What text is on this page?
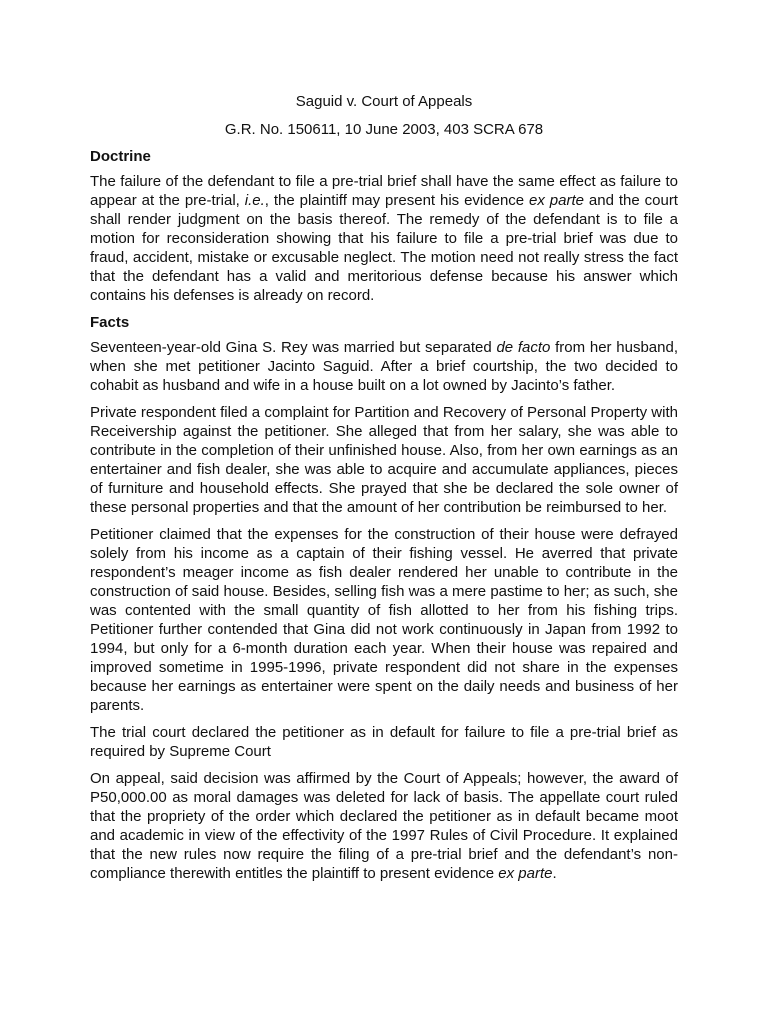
Saguid v. Court of Appeals

G.R. No. 150611, 10 June 2003, 403 SCRA 678

Doctrine

The failure of the defendant to file a pre-trial brief shall have the same effect as failure to appear at the pre-trial, i.e., the plaintiff may present his evidence ex parte and the court shall render judgment on the basis thereof. The remedy of the defendant is to file a motion for reconsideration showing that his failure to file a pre-trial brief was due to fraud, accident, mistake or excusable neglect. The motion need not really stress the fact that the defendant has a valid and meritorious defense because his answer which contains his defenses is already on record.

Facts

Seventeen-year-old Gina S. Rey was married but separated de facto from her husband, when she met petitioner Jacinto Saguid. After a brief courtship, the two decided to cohabit as husband and wife in a house built on a lot owned by Jacinto’s father.

Private respondent filed a complaint for Partition and Recovery of Personal Property with Receivership against the petitioner. She alleged that from her salary, she was able to contribute in the completion of their unfinished house. Also, from her own earnings as an entertainer and fish dealer, she was able to acquire and accumulate appliances, pieces of furniture and household effects. She prayed that she be declared the sole owner of these personal properties and that the amount of her contribution be reimbursed to her.

Petitioner claimed that the expenses for the construction of their house were defrayed solely from his income as a captain of their fishing vessel. He averred that private respondent’s meager income as fish dealer rendered her unable to contribute in the construction of said house. Besides, selling fish was a mere pastime to her; as such, she was contented with the small quantity of fish allotted to her from his fishing trips. Petitioner further contended that Gina did not work continuously in Japan from 1992 to 1994, but only for a 6-month duration each year. When their house was repaired and improved sometime in 1995-1996, private respondent did not share in the expenses because her earnings as entertainer were spent on the daily needs and business of her parents.

The trial court declared the petitioner as in default for failure to file a pre-trial brief as required by Supreme Court

On appeal, said decision was affirmed by the Court of Appeals; however, the award of P50,000.00 as moral damages was deleted for lack of basis. The appellate court ruled that the propriety of the order which declared the petitioner as in default became moot and academic in view of the effectivity of the 1997 Rules of Civil Procedure. It explained that the new rules now require the filing of a pre-trial brief and the defendant’s non-compliance therewith entitles the plaintiff to present evidence ex parte.
